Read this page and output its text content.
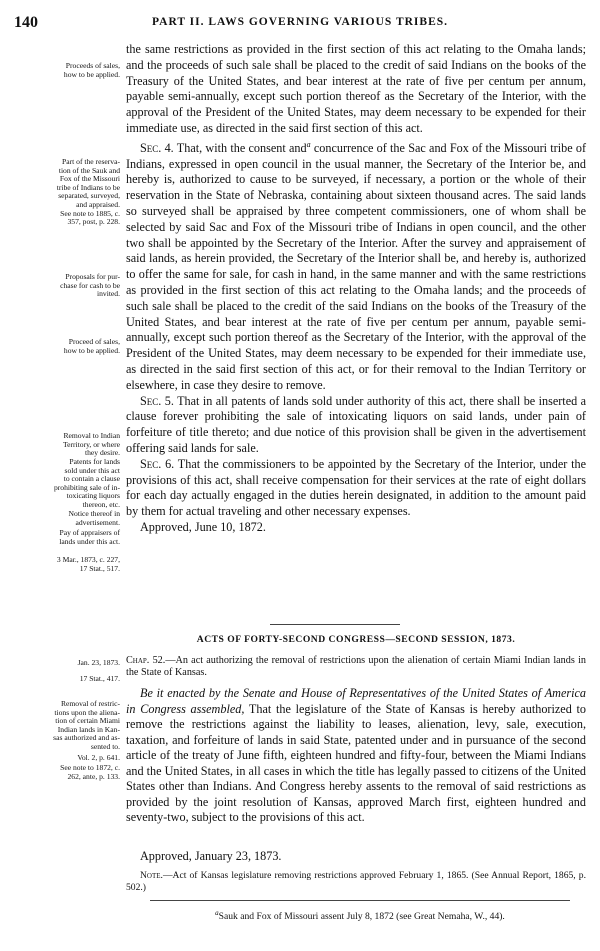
140	PART II. LAWS GOVERNING VARIOUS TRIBES.
Proceeds of sales,
how to be applied.
Part of the reserva-
tion of the Sauk and
Fox of the Missouri
tribe of Indians to be
separated, surveyed,
and appraised.
See note to 1885, c.
357, post, p. 228.
Proposals for pur-
chase for cash to be
invited.
Proceed of sales,
how to be applied.
Removal to Indian
Territory, or where
they desire.
Patents for lands
sold under this act
to contain a clause
prohibiting sale of in-
toxicating liquors
thereon, etc.
Notice thereof in
advertisement.
Pay of appraisers of
lands under this act.
3 Mar., 1873, c. 227,
17 Stat., 517.
Jan. 23, 1873.
17 Stat., 417.
Removal of restric-
tions upon the aliena-
tion of certain Miami
Indian lands in Kan-
sas authorized and as-
sented to.
Vol. 2, p. 641.
See note to 1872, c.
262, ante, p. 133.

the same restrictions as provided in the first section of this act relating to the Omaha lands; and the proceeds of such sale shall be placed to the credit of said Indians on the books of the Treasury of the United States, and bear interest at the rate of five per centum per annum, payable semi-annually, except such portion thereof as the Secretary of the Interior, with the approval of the President of the United States, may deem necessary to be expended for their immediate use, as directed in the said first section of this act.

Sec. 4. That, with the consent and$^a$ concurrence of the Sac and Fox of the Missouri tribe of Indians, expressed in open council in the usual manner, the Secretary of the Interior be, and hereby is, authorized to cause to be surveyed, if necessary, a portion or the whole of their reservation in the State of Nebraska, containing about sixteen thousand acres. The said lands so surveyed shall be appraised by three competent commissioners, one of whom shall be selected by said Sac and Fox of the Missouri tribe of Indians in open council, and the other two shall be appointed by the Secretary of the Interior. After the survey and appraisement of said lands, as herein provided, the Secretary of the Interior shall be, and hereby is, authorized to offer the same for sale, for cash in hand, in the same manner and with the same restrictions as provided in the first section of this act relating to the Omaha lands; and the proceeds of such sale shall be placed to the credit of the said Indians on the books of the Treasury of the United States, and bear interest at the rate of five per centum per annum, payable semi-annually, except such portion thereof as the Secretary of the Interior, with the approval of the President of the United States, may deem necessary to be expended for their immediate use, as directed in the said first section of this act, or for their removal to the Indian Territory or elsewhere, in case they desire to remove.

Sec. 5. That in all patents of lands sold under authority of this act, there shall be inserted a clause forever prohibiting the sale of intoxicating liquors on said lands, under pain of forfeiture of title thereto; and due notice of this provision shall be given in the advertisement offering said lands for sale.

Sec. 6. That the commissioners to be appointed by the Secretary of the Interior, under the provisions of this act, shall receive compensation for their services at the rate of eight dollars for each day actually engaged in the duties herein designated, in addition to the amount paid by them for actual traveling and other necessary expenses.

Approved, June 10, 1872.

ACTS OF FORTY-SECOND CONGRESS—SECOND SESSION, 1873.
Chap. 52.—An act authorizing the removal of restrictions upon the alienation of certain Miami Indian lands in the State of Kansas.

Be it enacted by the Senate and House of Representatives of the United States of America in Congress assembled, That the legislature of the State of Kansas is hereby authorized to remove the restrictions against the liability to leases, alienation, levy, sale, execution, taxation, and forfeiture of lands in said State, patented under and in pursuance of the second article of the treaty of June fifth, eighteen hundred and fifty-four, between the Miami Indians and the United States, in all cases in which the title has legally passed to citizens of the United States other than Indians. And Congress hereby assents to the removal of said restrictions as provided by the joint resolution of Kansas, approved March first, eighteen hundred and seventy-two, subject to the provisions of this act.

Approved, January 23, 1873.
Note.—Act of Kansas legislature removing restrictions approved February 1, 1865. (See Annual Report, 1865, p. 502.)
$^a$Sauk and Fox of Missouri assent July 8, 1872 (see Great Nemaha, W., 44).
